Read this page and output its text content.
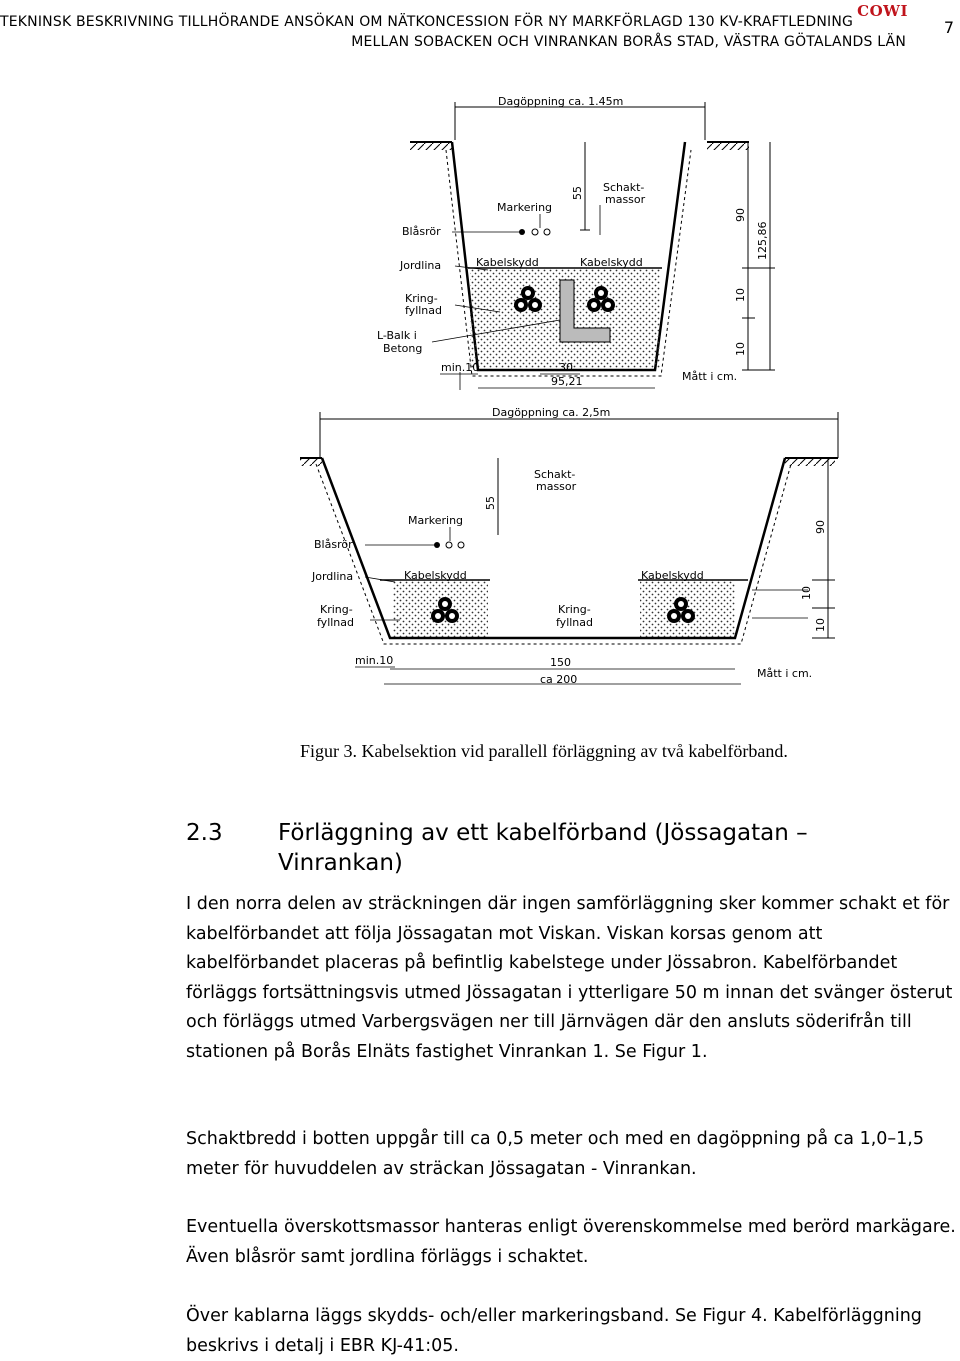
TEKNINSK BESKRIVNING TILLHÖRANDE ANSÖKAN OM NÄTKONCESSION FÖR NY MARKFÖRLAGD 130 KV-KRAFTLEDNING
MELLAN SOBACKEN OCH VINRANKAN BORÅS STAD, VÄSTRA GÖTALANDS LÄN
COWI
7
Dagöppning ca. 1.45m
55
90
125,86
10
10
Markering
Schakt-
massor
Blåsrör
Jordlina	Kabelskydd	Kabelskydd
Kring-
fyllnad
L-Balk i
Betong
min.10	30
95,21	Mått i cm.
Dagöppning ca. 2,5m
55
90
10
10
Schakt-
massor
Markering
Blåsrör
Jordlina	Kabelskydd	Kabelskydd
Kring-
fyllnad
Kring-
fyllnad
min.10	150
ca 200	Mått i cm.
Figur 3. Kabelsektion vid parallell förläggning av två kabelförband.
2.3 Förläggning av ett kabelförband (Jössagatan – Vinrankan)

I den norra delen av sträckningen där ingen samförläggning sker kommer schakt et för kabelförbandet att följa Jössagatan mot Viskan. Viskan korsas genom att kabelförbandet placeras på befintlig kabelstege under Jössabron. Kabelförbandet förläggs fortsättningsvis utmed Jössagatan i ytterligare 50 m innan det svänger österut och förläggs utmed Varbergsvägen ner till Järnvägen där den ansluts söderifrån till stationen på Borås Elnäts fastighet Vinrankan 1. Se Figur 1.

Schaktbredd i botten uppgår till ca 0,5 meter och med en dagöppning på ca 1,0–1,5 meter för huvuddelen av sträckan Jössagatan - Vinrankan.

Eventuella överskottsmassor hanteras enligt överenskommelse med berörd markägare. Även blåsrör samt jordlina förläggs i schaktet.

Över kablarna läggs skydds- och/eller markeringsband. Se Figur 4. Kabelförläggning beskrivs i detalj i EBR KJ-41:05.
